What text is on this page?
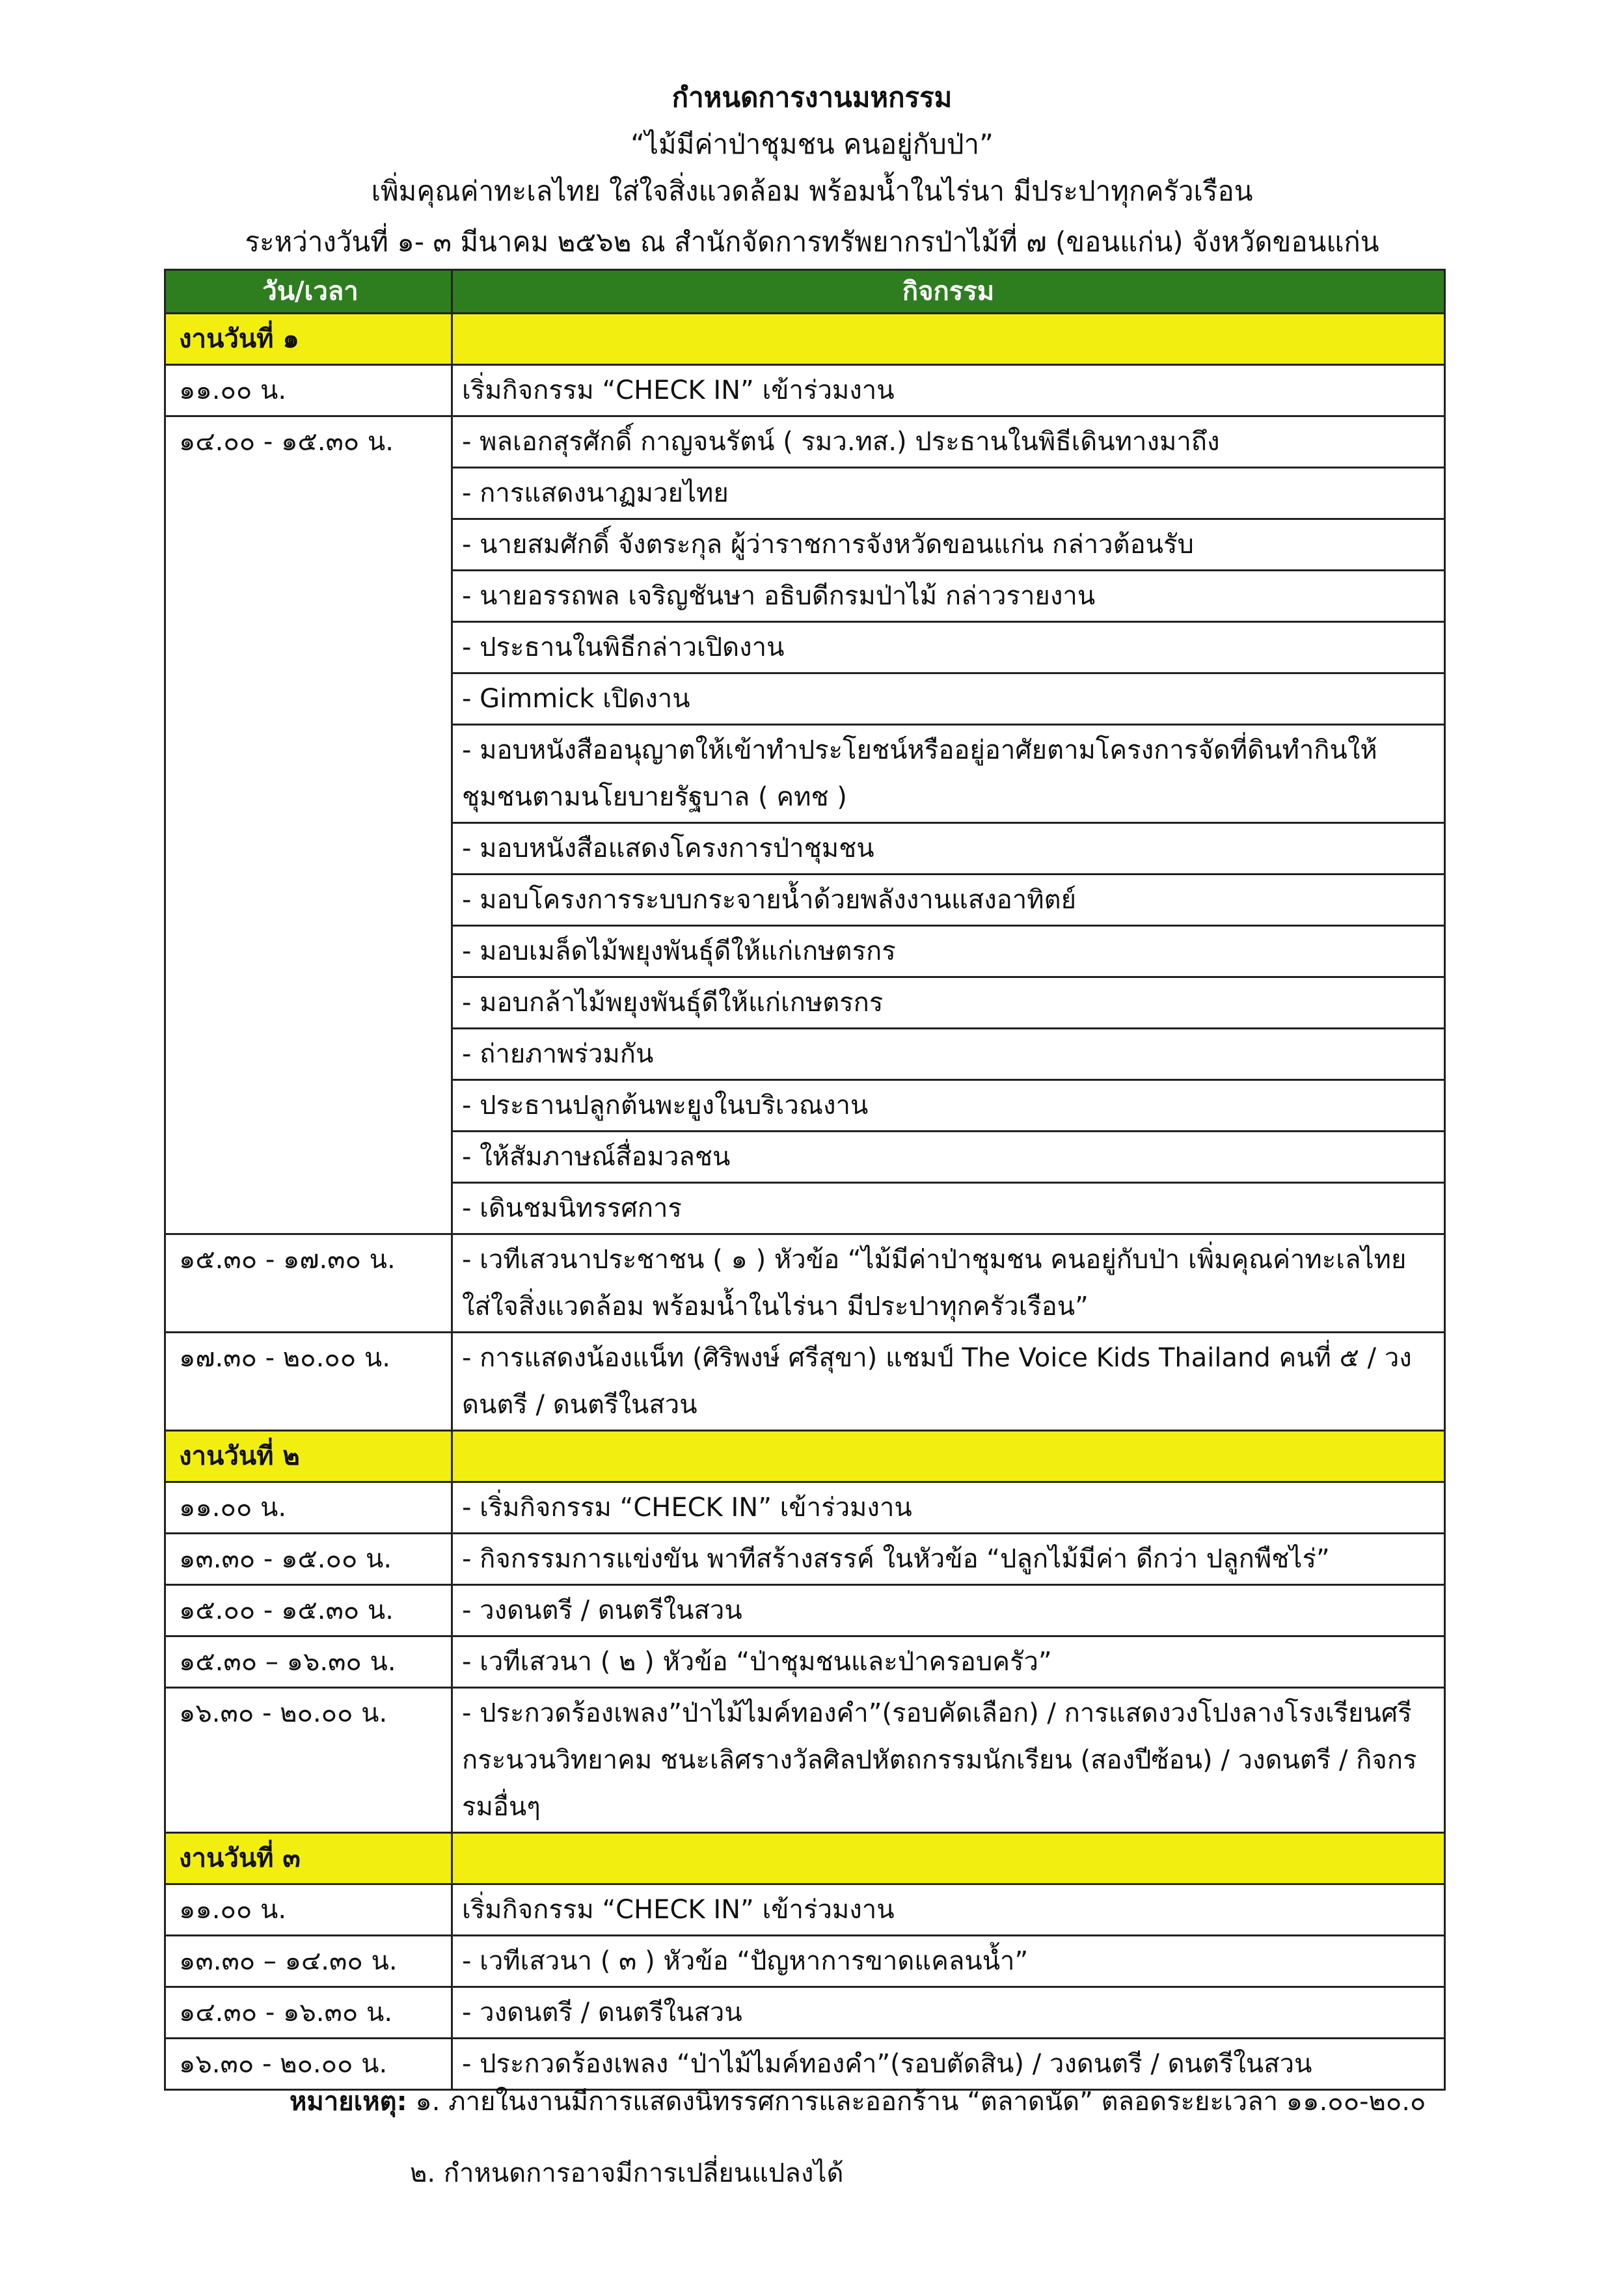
กำหนดการงานมหกรรม
“ไม้มีค่าป่าชุมชน คนอยู่กับป่า”
เพิ่มคุณค่าทะเลไทย ใส่ใจสิ่งแวดล้อม พร้อมน้ำในไร่นา มีประปาทุกครัวเรือน
ระหว่างวันที่ ๑- ๓ มีนาคม ๒๕๖๒ ณ สำนักจัดการทรัพยากรป่าไม้ที่ ๗ (ขอนแก่น) จังหวัดขอนแก่น
วัน/เวลา	กิจกรรม
งานวันที่ ๑	
๑๑.๐๐ น.	เริ่มกิจกรรม “CHECK IN” เข้าร่วมงาน
๑๔.๐๐ - ๑๕.๓๐ น.	- พลเอกสุรศักดิ์ กาญจนรัตน์ ( รมว.ทส.) ประธานในพิธีเดินทางมาถึง
	- การแสดงนาฏมวยไทย
	- นายสมศักดิ์ จังตระกุล ผู้ว่าราชการจังหวัดขอนแก่น กล่าวต้อนรับ
	- นายอรรถพล เจริญชันษา อธิบดีกรมป่าไม้ กล่าวรายงาน
	- ประธานในพิธีกล่าวเปิดงาน
	- Gimmick เปิดงาน
	- มอบหนังสืออนุญาตให้เข้าทำประโยชน์หรืออยู่อาศัยตามโครงการจัดที่ดินทำกินให้ชุมชนตามนโยบายรัฐบาล ( คทช )
	- มอบหนังสือแสดงโครงการป่าชุมชน
	- มอบโครงการระบบกระจายน้ำด้วยพลังงานแสงอาทิตย์
	- มอบเมล็ดไม้พยุงพันธุ์ดีให้แก่เกษตรกร
	- มอบกล้าไม้พยุงพันธุ์ดีให้แก่เกษตรกร
	- ถ่ายภาพร่วมกัน
	- ประธานปลูกต้นพะยูงในบริเวณงาน
	- ให้สัมภาษณ์สื่อมวลชน
	- เดินชมนิทรรศการ
๑๕.๓๐ - ๑๗.๓๐ น.	- เวทีเสวนาประชาชน ( ๑ ) หัวข้อ “ไม้มีค่าป่าชุมชน คนอยู่กับป่า เพิ่มคุณค่าทะเลไทย ใส่ใจสิ่งแวดล้อม พร้อมน้ำในไร่นา มีประปาทุกครัวเรือน”
๑๗.๓๐ - ๒๐.๐๐ น.	- การแสดงน้องแน็ท (ศิริพงษ์ ศรีสุขา) แชมป์ The Voice Kids Thailand คนที่ ๕ / วงดนตรี / ดนตรีในสวน
งานวันที่ ๒	
๑๑.๐๐ น.	- เริ่มกิจกรรม “CHECK IN” เข้าร่วมงาน
๑๓.๓๐ - ๑๕.๐๐ น.	- กิจกรรมการแข่งขัน พาทีสร้างสรรค์ ในหัวข้อ “ปลูกไม้มีค่า ดีกว่า ปลูกพืชไร่”
๑๕.๐๐ - ๑๕.๓๐ น.	- วงดนตรี / ดนตรีในสวน
๑๕.๓๐ – ๑๖.๓๐ น.	- เวทีเสวนา ( ๒ ) หัวข้อ “ป่าชุมชนและป่าครอบครัว”
๑๖.๓๐ - ๒๐.๐๐ น.	- ประกวดร้องเพลง”ป่าไม้ไมค์ทองคำ”(รอบคัดเลือก) / การแสดงวงโปงลางโรงเรียนศรีกระนวนวิทยาคม ชนะเลิศรางวัลศิลปหัตถกรรมนักเรียน (สองปีซ้อน) / วงดนตรี / กิจกรรมอื่นๆ
งานวันที่ ๓	
๑๑.๐๐ น.	เริ่มกิจกรรม “CHECK IN” เข้าร่วมงาน
๑๓.๓๐ – ๑๔.๓๐ น.	- เวทีเสวนา ( ๓ ) หัวข้อ “ปัญหาการขาดแคลนน้ำ”
๑๔.๓๐ - ๑๖.๓๐ น.	- วงดนตรี / ดนตรีในสวน
๑๖.๓๐ - ๒๐.๐๐ น.	- ประกวดร้องเพลง “ป่าไม้ไมค์ทองคำ”(รอบตัดสิน) / วงดนตรี / ดนตรีในสวน
หมายเหตุ: ๑. ภายในงานมีการแสดงนิทรรศการและออกร้าน “ตลาดนัด” ตลอดระยะเวลา ๑๑.๐๐-๒๐.๐
๒. กำหนดการอาจมีการเปลี่ยนแปลงได้
